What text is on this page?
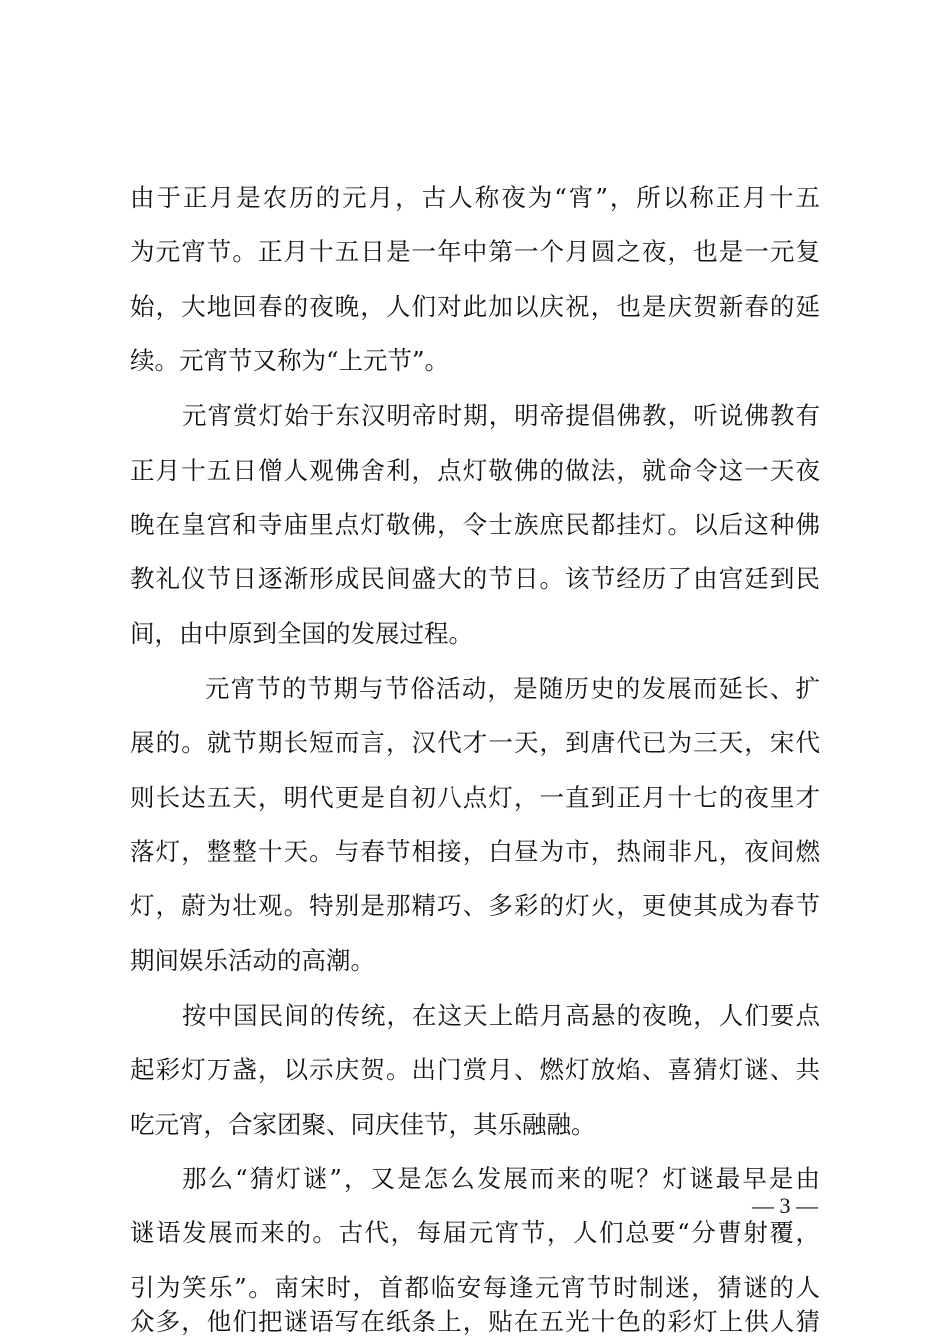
由于正月是农历的元月，古人称夜为“宵”，所以称正月十五
为元宵节。正月十五日是一年中第一个月圆之夜，也是一元复
始，大地回春的夜晚，人们对此加以庆祝，也是庆贺新春的延
续。元宵节又称为“上元节”。
元宵赏灯始于东汉明帝时期，明帝提倡佛教，听说佛教有
正月十五日僧人观佛舍利，点灯敬佛的做法，就命令这一天夜
晚在皇宫和寺庙里点灯敬佛，令士族庶民都挂灯。以后这种佛
教礼仪节日逐渐形成民间盛大的节日。该节经历了由宫廷到民
间，由中原到全国的发展过程。
元宵节的节期与节俗活动，是随历史的发展而延长、扩
展的。就节期长短而言，汉代才一天，到唐代已为三天，宋代
则长达五天，明代更是自初八点灯，一直到正月十七的夜里才
落灯，整整十天。与春节相接，白昼为市，热闹非凡，夜间燃
灯，蔚为壮观。特别是那精巧、多彩的灯火，更使其成为春节
期间娱乐活动的高潮。
按中国民间的传统，在这天上皓月高悬的夜晚，人们要点
起彩灯万盏，以示庆贺。出门赏月、燃灯放焰、喜猜灯谜、共
吃元宵，合家团聚、同庆佳节，其乐融融。
那么“猜灯谜”，又是怎么发展而来的呢？灯谜最早是由
谜语发展而来的。古代，每届元宵节，人们总要“分曹射覆，
引为笑乐”。南宋时，首都临安每逢元宵节时制迷，猜谜的人
众多，他们把谜语写在纸条上，贴在五光十色的彩灯上供人猜
— 3 —
